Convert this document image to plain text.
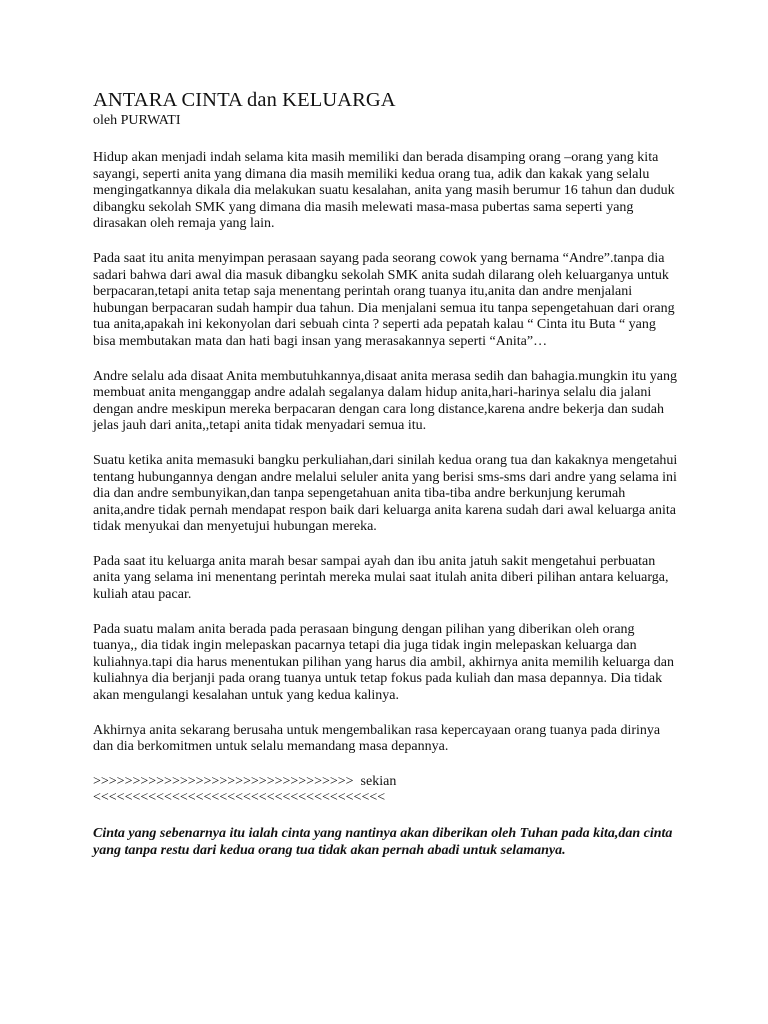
ANTARA CINTA dan KELUARGA
oleh PURWATI

Hidup akan menjadi indah selama kita masih memiliki dan berada disamping orang –orang yang kita sayangi, seperti anita yang dimana dia masih memiliki kedua orang tua, adik dan kakak yang selalu mengingatkannya dikala dia melakukan suatu kesalahan, anita yang masih berumur 16 tahun dan duduk dibangku sekolah SMK yang dimana dia masih melewati masa-masa pubertas sama seperti yang dirasakan oleh remaja yang lain.

Pada saat itu anita menyimpan perasaan sayang pada seorang cowok yang bernama “Andre”.tanpa dia sadari bahwa dari awal dia masuk dibangku sekolah SMK anita sudah dilarang oleh keluarganya untuk berpacaran,tetapi anita tetap saja menentang perintah orang tuanya itu,anita dan andre menjalani hubungan berpacaran sudah hampir dua tahun. Dia menjalani semua itu tanpa sepengetahuan dari orang tua anita,apakah ini kekonyolan dari sebuah cinta ? seperti ada pepatah kalau “ Cinta itu Buta “ yang bisa membutakan mata dan hati bagi insan yang merasakannya seperti “Anita”…

Andre selalu ada disaat Anita membutuhkannya,disaat anita merasa sedih dan bahagia.mungkin itu yang membuat anita menganggap andre adalah segalanya dalam hidup anita,hari-harinya selalu dia jalani dengan andre meskipun mereka berpacaran dengan cara long distance,karena andre bekerja dan sudah jelas jauh dari anita,,tetapi anita tidak menyadari semua itu.

Suatu ketika anita memasuki bangku perkuliahan,dari sinilah kedua orang tua dan kakaknya mengetahui tentang hubungannya dengan andre melalui seluler anita yang berisi sms-sms dari andre yang selama ini dia dan andre sembunyikan,dan tanpa sepengetahuan anita tiba-tiba andre berkunjung kerumah anita,andre tidak pernah mendapat respon baik dari keluarga anita karena sudah dari awal keluarga anita tidak menyukai dan menyetujui hubungan mereka.

Pada saat itu keluarga anita marah besar sampai ayah dan ibu anita jatuh sakit mengetahui perbuatan anita yang selama ini menentang perintah mereka mulai saat itulah anita diberi pilihan antara keluarga, kuliah atau pacar.

Pada suatu malam anita berada pada perasaan bingung dengan pilihan yang diberikan oleh orang tuanya,, dia tidak ingin melepaskan pacarnya tetapi dia juga tidak ingin melepaskan keluarga dan kuliahnya.tapi dia harus menentukan pilihan yang harus dia ambil, akhirnya anita memilih keluarga dan kuliahnya dia berjanji pada orang tuanya untuk tetap fokus pada kuliah dan masa depannya. Dia tidak akan mengulangi kesalahan untuk yang kedua kalinya.

Akhirnya anita sekarang berusaha untuk mengembalikan rasa kepercayaan orang tuanya pada dirinya dan dia berkomitmen untuk selalu memandang masa depannya.

>>>>>>>>>>>>>>>>>>>>>>>>>>>>>>>>>  sekian
<<<<<<<<<<<<<<<<<<<<<<<<<<<<<<<<<<<<<

Cinta yang sebenarnya itu ialah cinta yang nantinya akan diberikan oleh Tuhan pada kita,dan cinta yang tanpa restu dari kedua orang tua tidak akan pernah abadi untuk selamanya.
